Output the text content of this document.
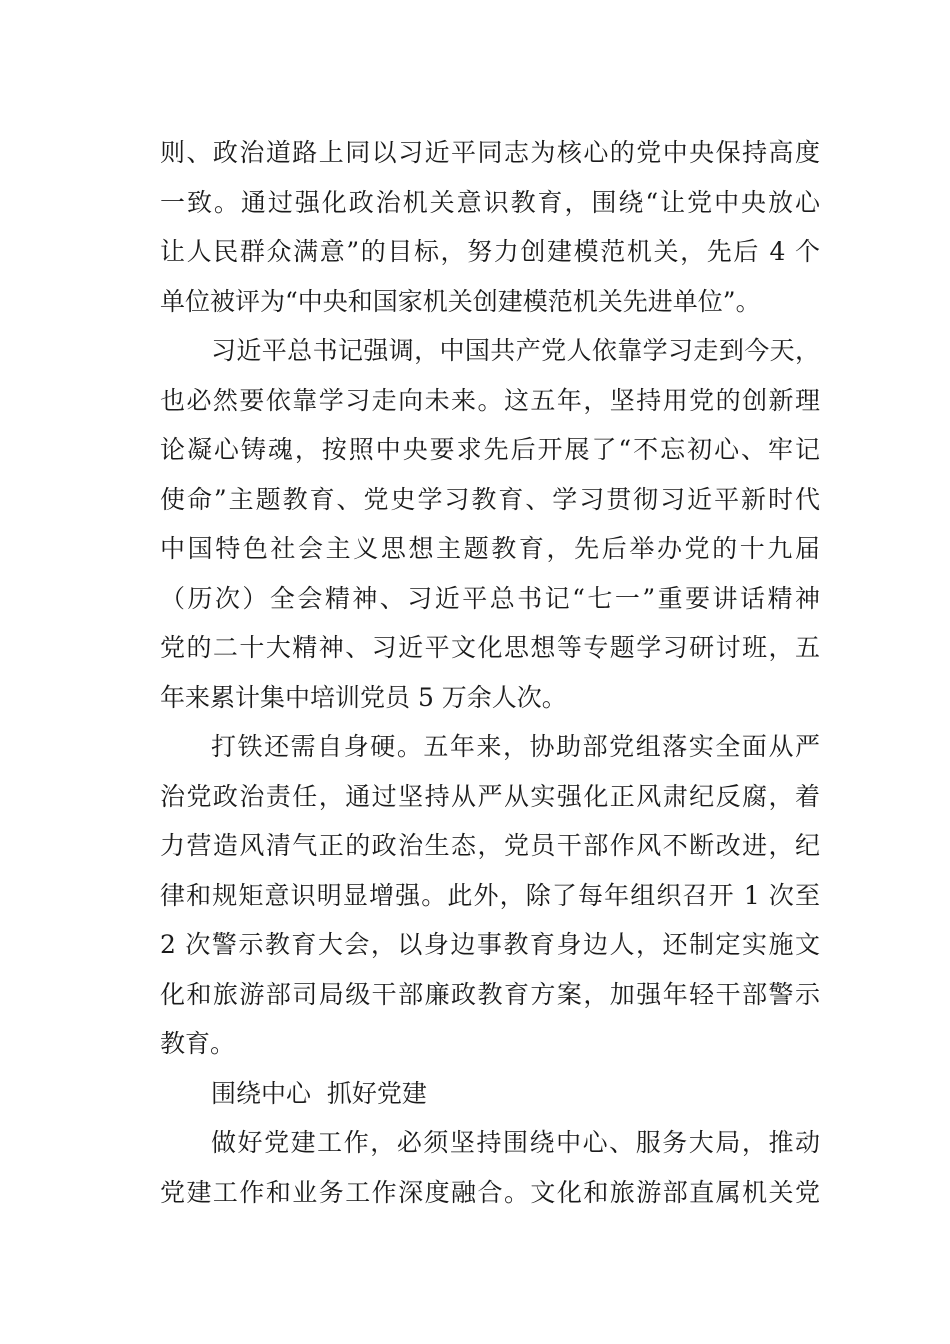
则、政治道路上同以习近平同志为核心的党中央保持高度
一致。通过强化政治机关意识教育，围绕“让党中央放心
让人民群众满意”的目标，努力创建模范机关，先后 4 个
单位被评为“中央和国家机关创建模范机关先进单位”。
习近平总书记强调，中国共产党人依靠学习走到今天，
也必然要依靠学习走向未来。这五年，坚持用党的创新理
论凝心铸魂，按照中央要求先后开展了“不忘初心、牢记
使命”主题教育、党史学习教育、学习贯彻习近平新时代
中国特色社会主义思想主题教育，先后举办党的十九届
（历次）全会精神、习近平总书记“七一”重要讲话精神
党的二十大精神、习近平文化思想等专题学习研讨班，五
年来累计集中培训党员 5 万余人次。
打铁还需自身硬。五年来，协助部党组落实全面从严
治党政治责任，通过坚持从严从实强化正风肃纪反腐，着
力营造风清气正的政治生态，党员干部作风不断改进，纪
律和规矩意识明显增强。此外，除了每年组织召开 1 次至
2 次警示教育大会，以身边事教育身边人，还制定实施文
化和旅游部司局级干部廉政教育方案，加强年轻干部警示
教育。
围绕中心  抓好党建
做好党建工作，必须坚持围绕中心、服务大局，推动
党建工作和业务工作深度融合。文化和旅游部直属机关党
